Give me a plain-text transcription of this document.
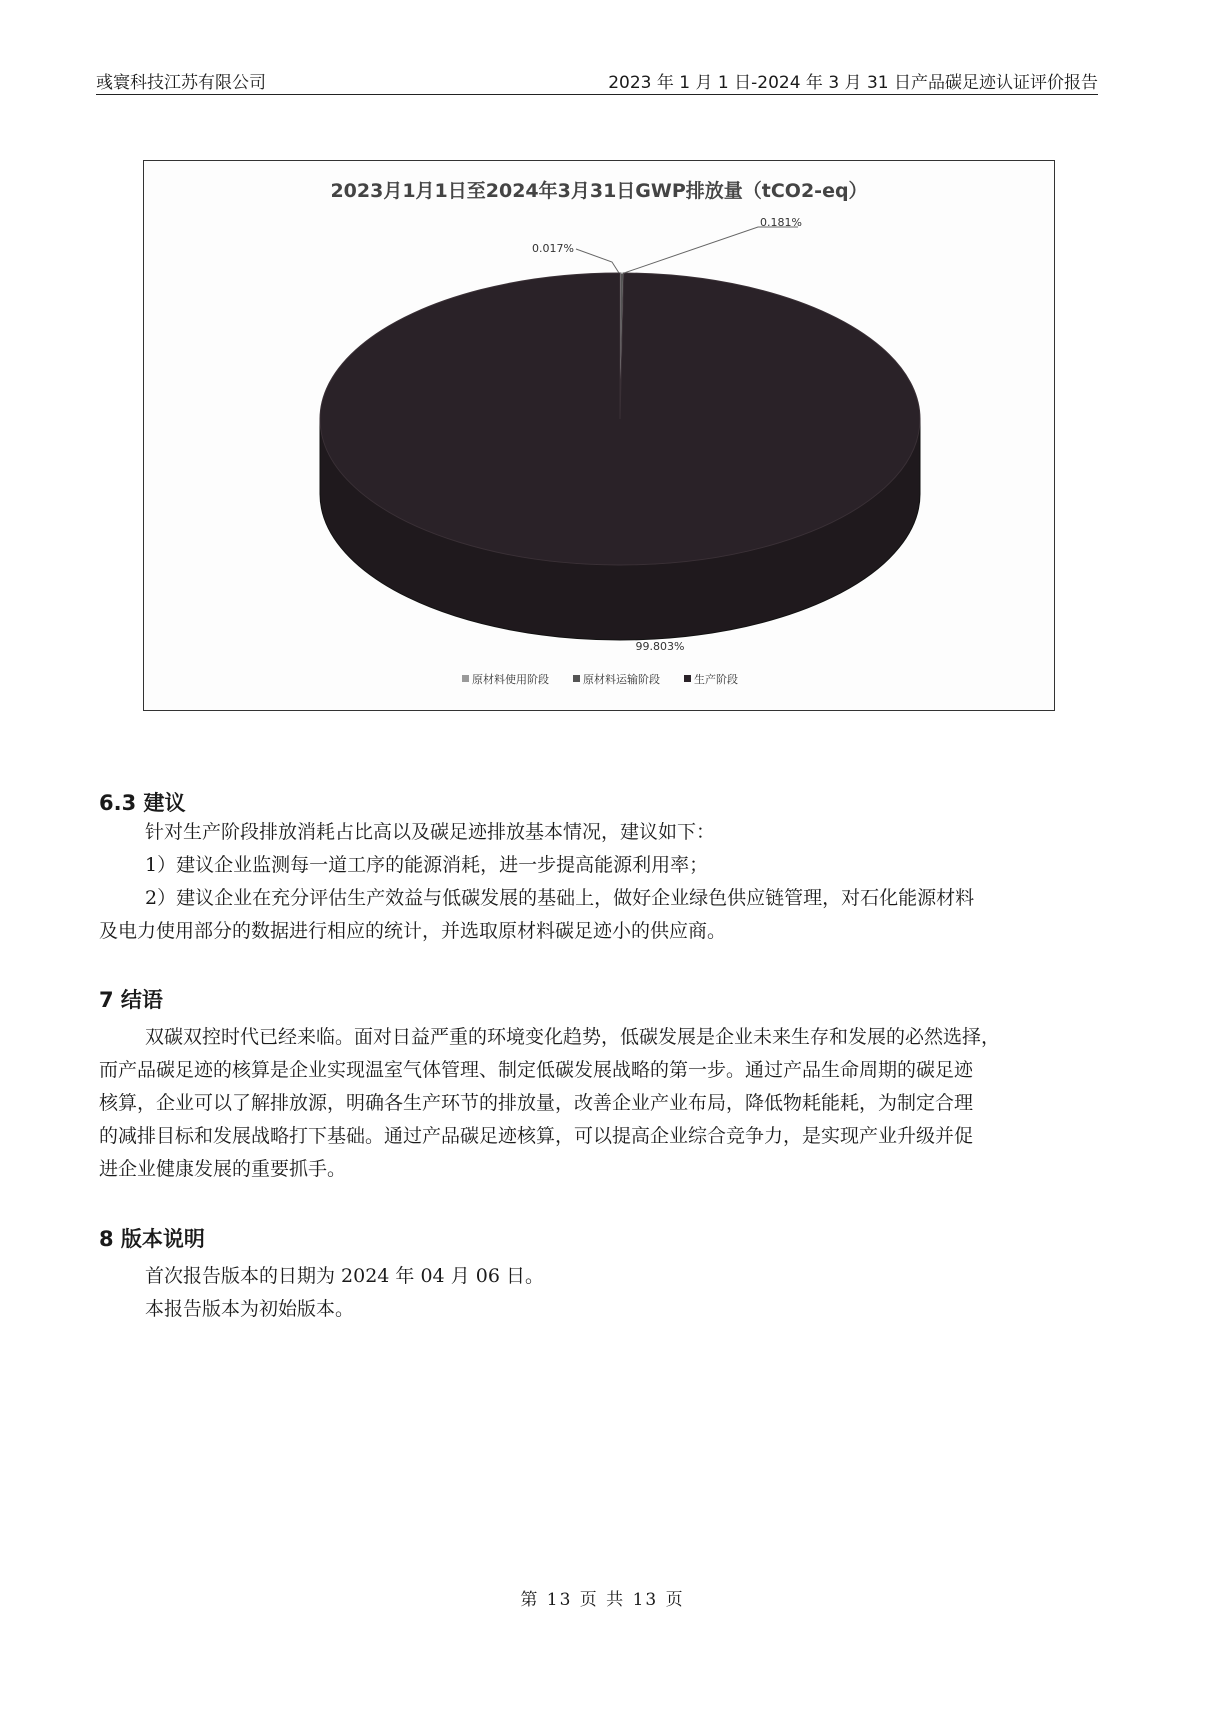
彧寰科技江苏有限公司	2023 年 1 月 1 日-2024 年 3 月 31 日产品碳足迹认证评价报告
2023月1月1日至2024年3月31日GWP排放量（tCO2-eq）
0.017%
0.181%
99.803%
原材料使用阶段	原材料运输阶段	生产阶段
6.3 建议

针对生产阶段排放消耗占比高以及碳足迹排放基本情况，建议如下：

1）建议企业监测每一道工序的能源消耗，进一步提高能源利用率；

2）建议企业在充分评估生产效益与低碳发展的基础上，做好企业绿色供应链管理，对石化能源材料

及电力使用部分的数据进行相应的统计，并选取原材料碳足迹小的供应商。

7 结语

双碳双控时代已经来临。面对日益严重的环境变化趋势，低碳发展是企业未来生存和发展的必然选择，

而产品碳足迹的核算是企业实现温室气体管理、制定低碳发展战略的第一步。通过产品生命周期的碳足迹

核算，企业可以了解排放源，明确各生产环节的排放量，改善企业产业布局，降低物耗能耗，为制定合理

的减排目标和发展战略打下基础。通过产品碳足迹核算，可以提高企业综合竞争力，是实现产业升级并促

进企业健康发展的重要抓手。

8 版本说明

首次报告版本的日期为 2024 年 04 月 06 日。

本报告版本为初始版本。

第 13 页 共 13 页
